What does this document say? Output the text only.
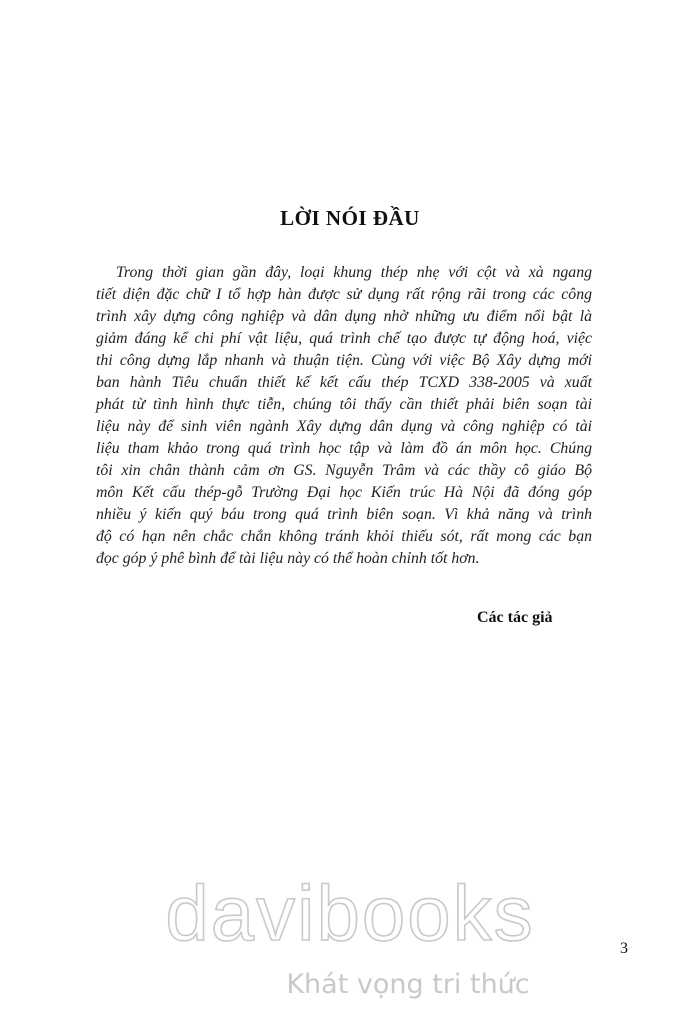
LỜI NÓI ĐẦU
Trong thời gian gần đây, loại khung thép nhẹ với cột và xà ngang
tiết diện đặc chữ I tổ hợp hàn được sử dụng rất rộng rãi trong các công
trình xây dựng công nghiệp và dân dụng nhờ những ưu điểm nổi bật là
giảm đáng kể chi phí vật liệu, quá trình chế tạo được tự động hoá, việc
thi công dựng lắp nhanh và thuận tiện. Cùng với việc Bộ Xây dựng mới
ban hành Tiêu chuẩn thiết kế kết cấu thép TCXD 338-2005 và xuất
phát từ tình hình thực tiễn, chúng tôi thấy cần thiết phải biên soạn tài
liệu này để sinh viên ngành Xây dựng dân dụng và công nghiệp có tài
liệu tham khảo trong quá trình học tập và làm đồ án môn học. Chúng
tôi xin chân thành cảm ơn GS. Nguyễn Trâm và các thầy cô giáo Bộ
môn Kết cấu thép-gỗ Trường Đại học Kiến trúc Hà Nội đã đóng góp
nhiều ý kiến quý báu trong quá trình biên soạn. Vì khả năng và trình
độ có hạn nên chắc chắn không tránh khỏi thiếu sót, rất mong các bạn
đọc góp ý phê bình để tài liệu này có thể hoàn chỉnh tốt hơn.
Các tác giả
3
davibooks
Khát vọng tri thức
